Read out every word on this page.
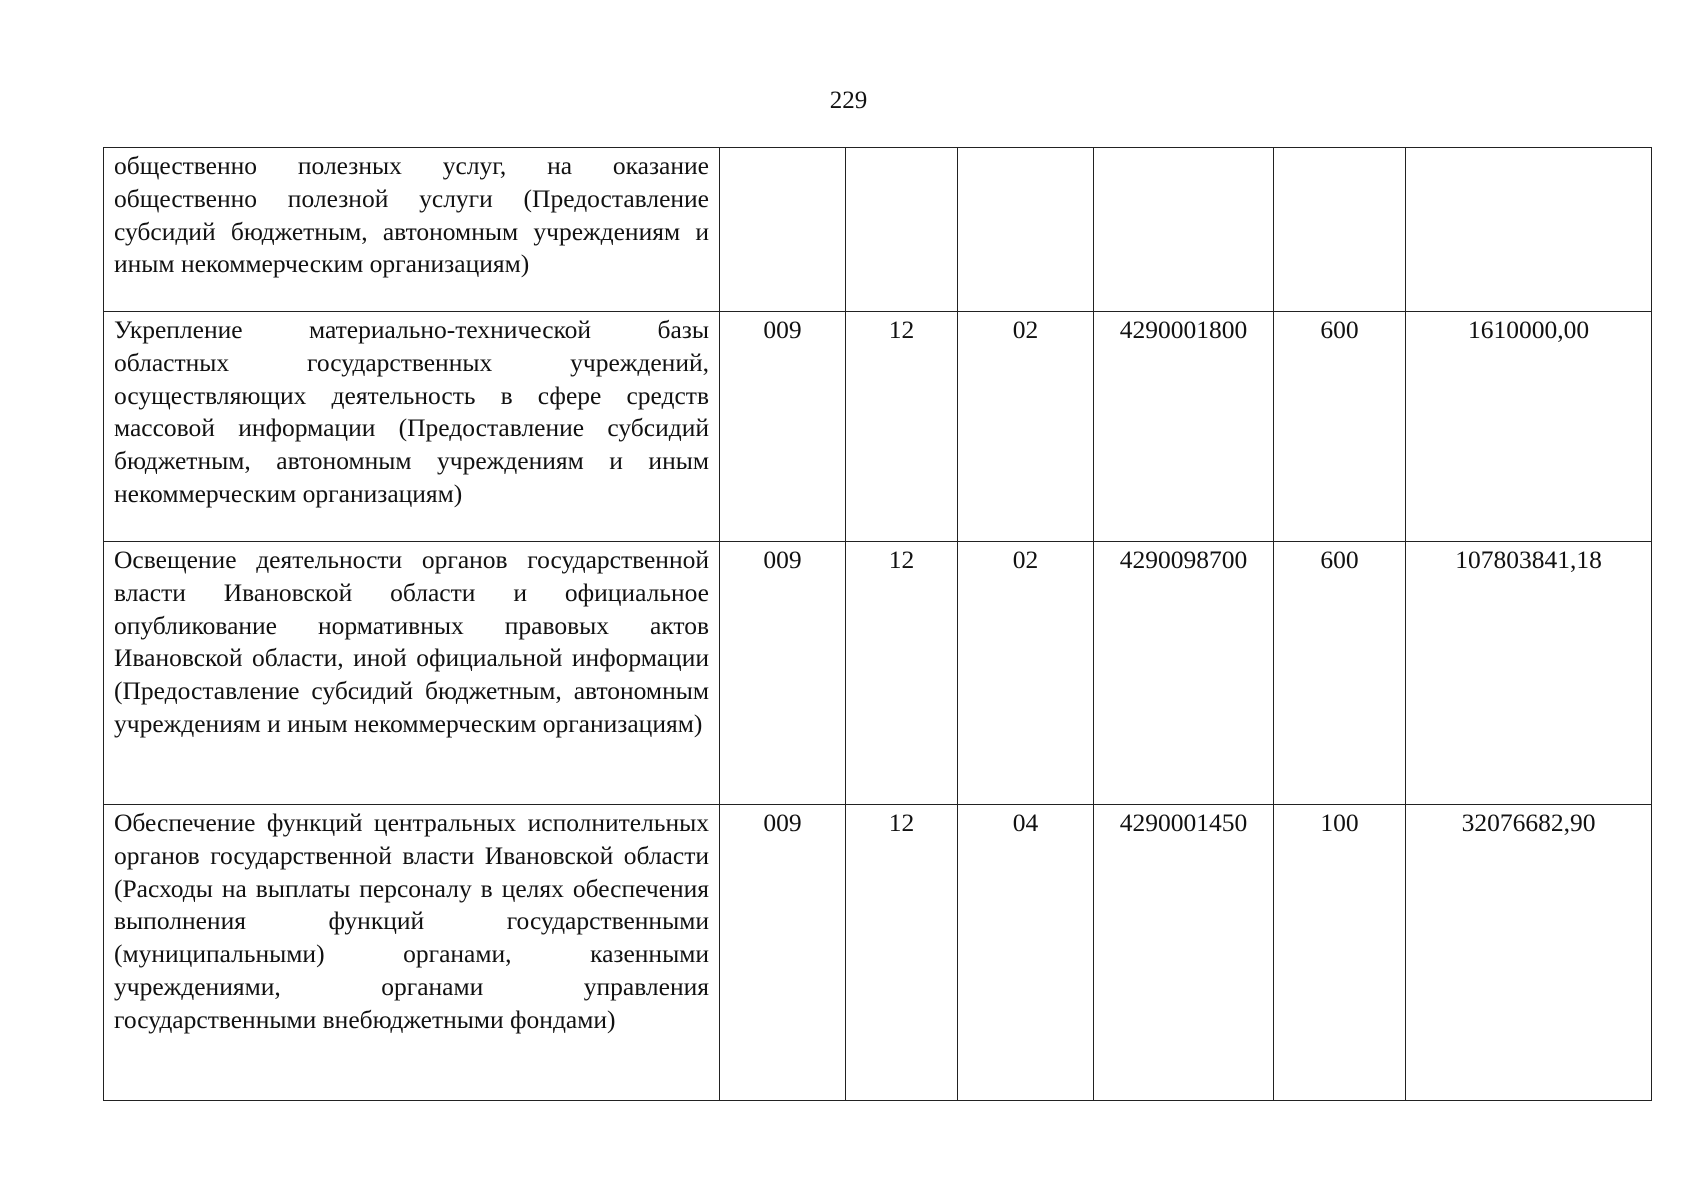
229
общественно полезных услуг, на оказание общественно полезной услуги (Предоставление субсидий бюджетным, автономным учреждениям и иным некоммерческим организациям)						
Укрепление материально-технической базы областных государственных учреждений, осуществляющих деятельность в сфере средств массовой информации (Предоставление субсидий бюджетным, автономным учреждениям и иным некоммерческим организациям)	009	12	02	4290001800	600	1610000,00
Освещение деятельности органов государственной власти Ивановской области и официальное опубликование нормативных правовых актов Ивановской области, иной официальной информации (Предоставление субсидий бюджетным, автономным учреждениям и иным некоммерческим организациям)	009	12	02	4290098700	600	107803841,18
Обеспечение функций центральных исполнительных органов государственной власти Ивановской области (Расходы на выплаты персоналу в целях обеспечения выполнения функций государственными (муниципальными) органами, казенными учреждениями, органами управления государственными внебюджетными фондами)	009	12	04	4290001450	100	32076682,90
